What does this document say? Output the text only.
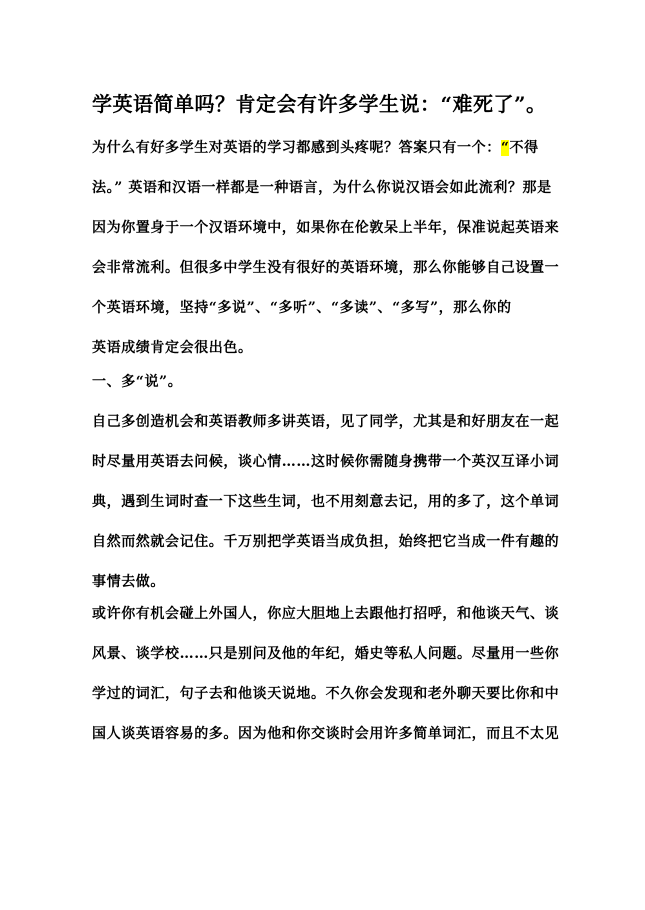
学英语简单吗？肯定会有许多学生说：“难死了”。
为什么有好多学生对英语的学习都感到头疼呢？答案只有一个：“不得
法。” 英语和汉语一样都是一种语言，为什么你说汉语会如此流利？那是
因为你置身于一个汉语环境中，如果你在伦敦呆上半年，保准说起英语来
会非常流利。但很多中学生没有很好的英语环境，那么你能够自己设置一
个英语环境，坚持“多说”、“多听”、“多读”、“多写”，那么你的
英语成绩肯定会很出色。
一、多“说”。
自己多创造机会和英语教师多讲英语，见了同学，尤其是和好朋友在一起
时尽量用英语去问候，谈心情……这时候你需随身携带一个英汉互译小词
典，遇到生词时查一下这些生词，也不用刻意去记，用的多了，这个单词
自然而然就会记住。千万别把学英语当成负担，始终把它当成一件有趣的
事情去做。
或许你有机会碰上外国人，你应大胆地上去跟他打招呼，和他谈天气、谈
风景、谈学校……只是别问及他的年纪，婚史等私人问题。尽量用一些你
学过的词汇，句子去和他谈天说地。不久你会发现和老外聊天要比你和中
国人谈英语容易的多。因为他和你交谈时会用许多简单词汇，而且不太见
